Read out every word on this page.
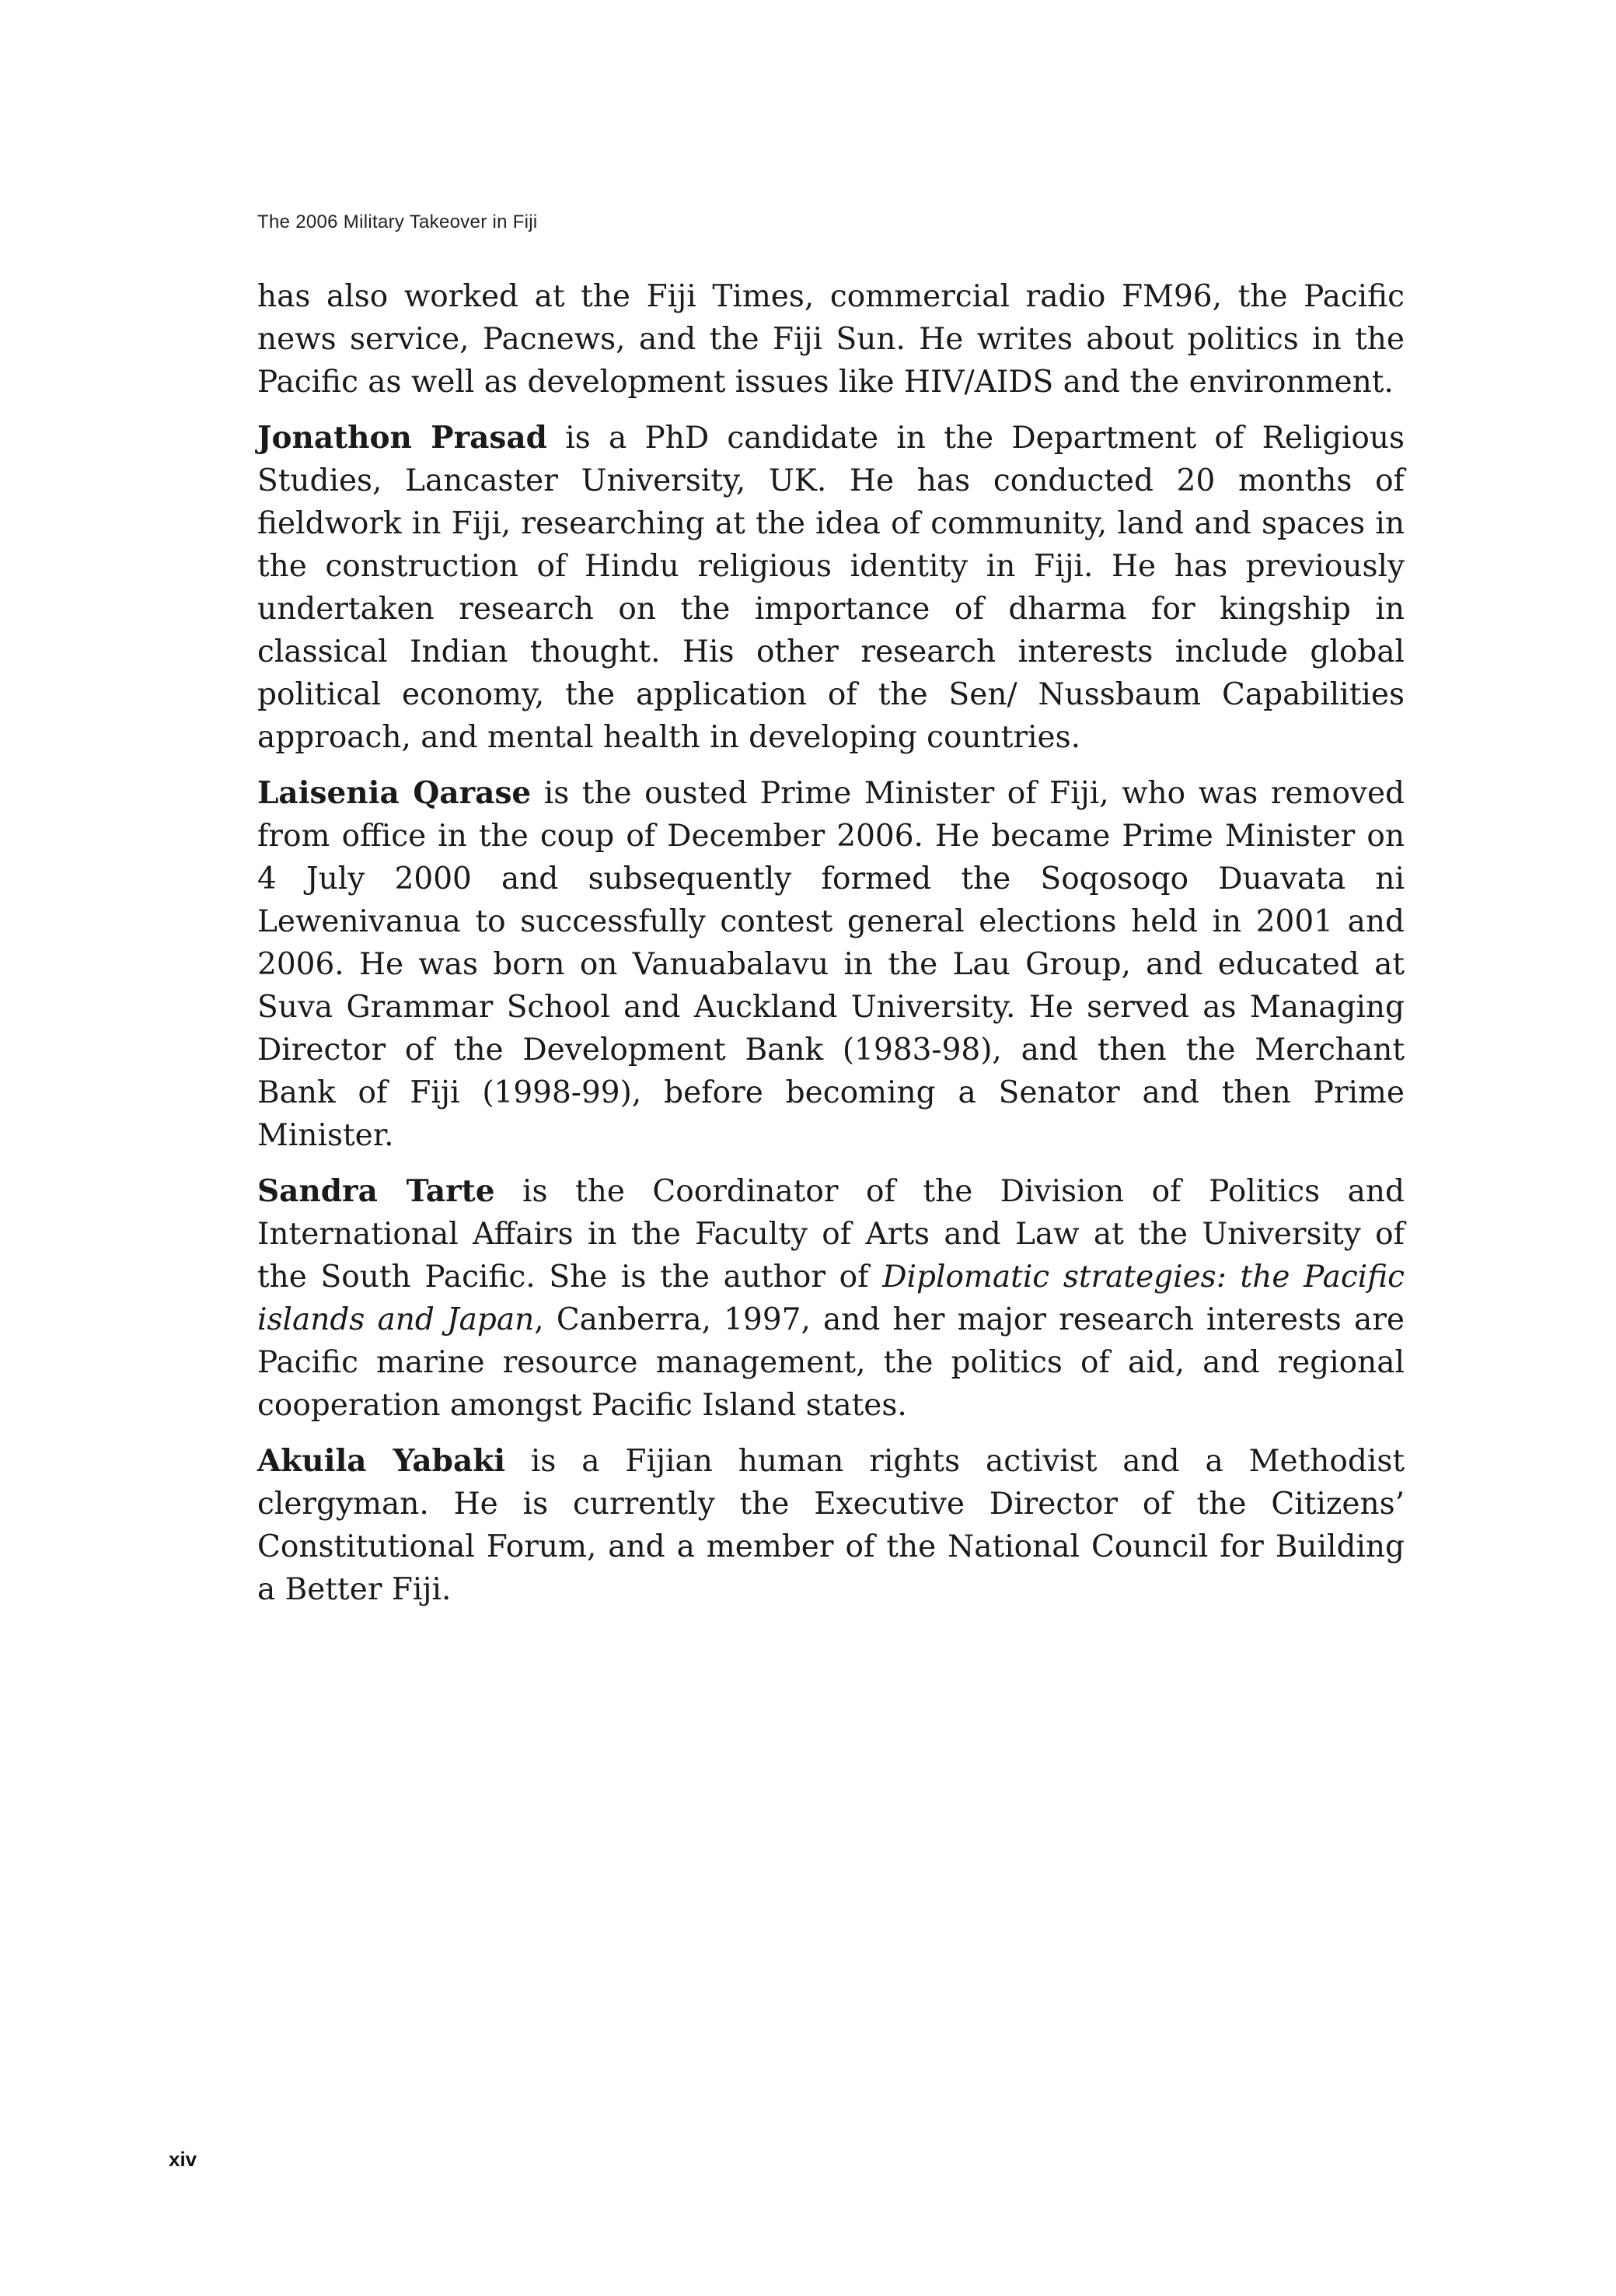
The 2006 Military Takeover in Fiji

has also worked at the Fiji Times, commercial radio FM96, the Pacific news service, Pacnews, and the Fiji Sun. He writes about politics in the Pacific as well as development issues like HIV/AIDS and the environment.

Jonathon Prasad is a PhD candidate in the Department of Religious Studies, Lancaster University, UK. He has conducted 20 months of fieldwork in Fiji, researching at the idea of community, land and spaces in the construction of Hindu religious identity in Fiji. He has previously undertaken research on the importance of dharma for kingship in classical Indian thought. His other research interests include global political economy, the application of the Sen/ Nussbaum Capabilities approach, and mental health in developing countries.

Laisenia Qarase is the ousted Prime Minister of Fiji, who was removed from office in the coup of December 2006. He became Prime Minister on 4 July 2000 and subsequently formed the Soqosoqo Duavata ni Lewenivanua to successfully contest general elections held in 2001 and 2006. He was born on Vanuabalavu in the Lau Group, and educated at Suva Grammar School and Auckland University. He served as Managing Director of the Development Bank (1983-98), and then the Merchant Bank of Fiji (1998-99), before becoming a Senator and then Prime Minister.

Sandra Tarte is the Coordinator of the Division of Politics and International Affairs in the Faculty of Arts and Law at the University of the South Pacific. She is the author of Diplomatic strategies: the Pacific islands and Japan, Canberra, 1997, and her major research interests are Pacific marine resource management, the politics of aid, and regional cooperation amongst Pacific Island states.

Akuila Yabaki is a Fijian human rights activist and a Methodist clergyman. He is currently the Executive Director of the Citizens’ Constitutional Forum, and a member of the National Council for Building a Better Fiji.

xiv
